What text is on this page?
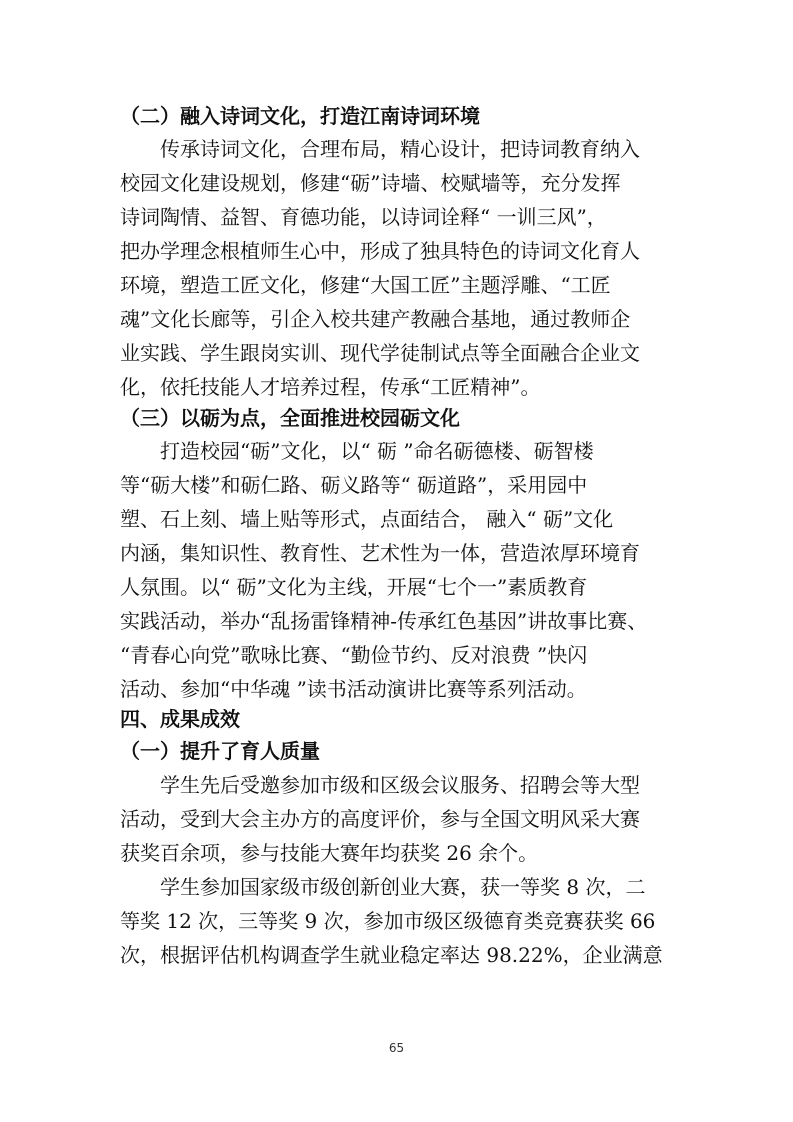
（二）融入诗词文化，打造江南诗词环境
　　传承诗词文化，合理布局，精心设计，把诗词教育纳入
校园文化建设规划，修建“砺”诗墙、校赋墙等，充分发挥
诗词陶情、益智、育德功能，以诗词诠释“ 一训三风”，
把办学理念根植师生心中，形成了独具特色的诗词文化育人
环境，塑造工匠文化，修建“大国工匠”主题浮雕、“工匠
魂”文化长廊等，引企入校共建产教融合基地，通过教师企
业实践、学生跟岗实训、现代学徒制试点等全面融合企业文
化，依托技能人才培养过程，传承“工匠精神”。
（三）以砺为点，全面推进校园砺文化
　　打造校园“砺”文化，以“ 砺 ”命名砺德楼、砺智楼
等“砺大楼”和砺仁路、砺义路等“ 砺道路”，采用园中
塑、石上刻、墙上贴等形式，点面结合， 融入“ 砺”文化
内涵，集知识性、教育性、艺术性为一体，营造浓厚环境育
人氛围。以“ 砺”文化为主线，开展“七个一”素质教育
实践活动，举办“乱扬雷锋精神-传承红色基因”讲故事比赛、
“青春心向党”歌咏比赛、“勤俭节约、反对浪费 ”快闪
活动、参加“中华魂 ”读书活动演讲比赛等系列活动。
四、成果成效
（一）提升了育人质量
　　学生先后受邀参加市级和区级会议服务、招聘会等大型
活动，受到大会主办方的高度评价，参与全国文明风采大赛
获奖百余项，参与技能大赛年均获奖 26 余个。
　　学生参加国家级市级创新创业大赛，获一等奖 8 次，二
等奖 12 次，三等奖 9 次，参加市级区级德育类竞赛获奖 66
次，根据评估机构调查学生就业稳定率达 98.22%，企业满意
65
